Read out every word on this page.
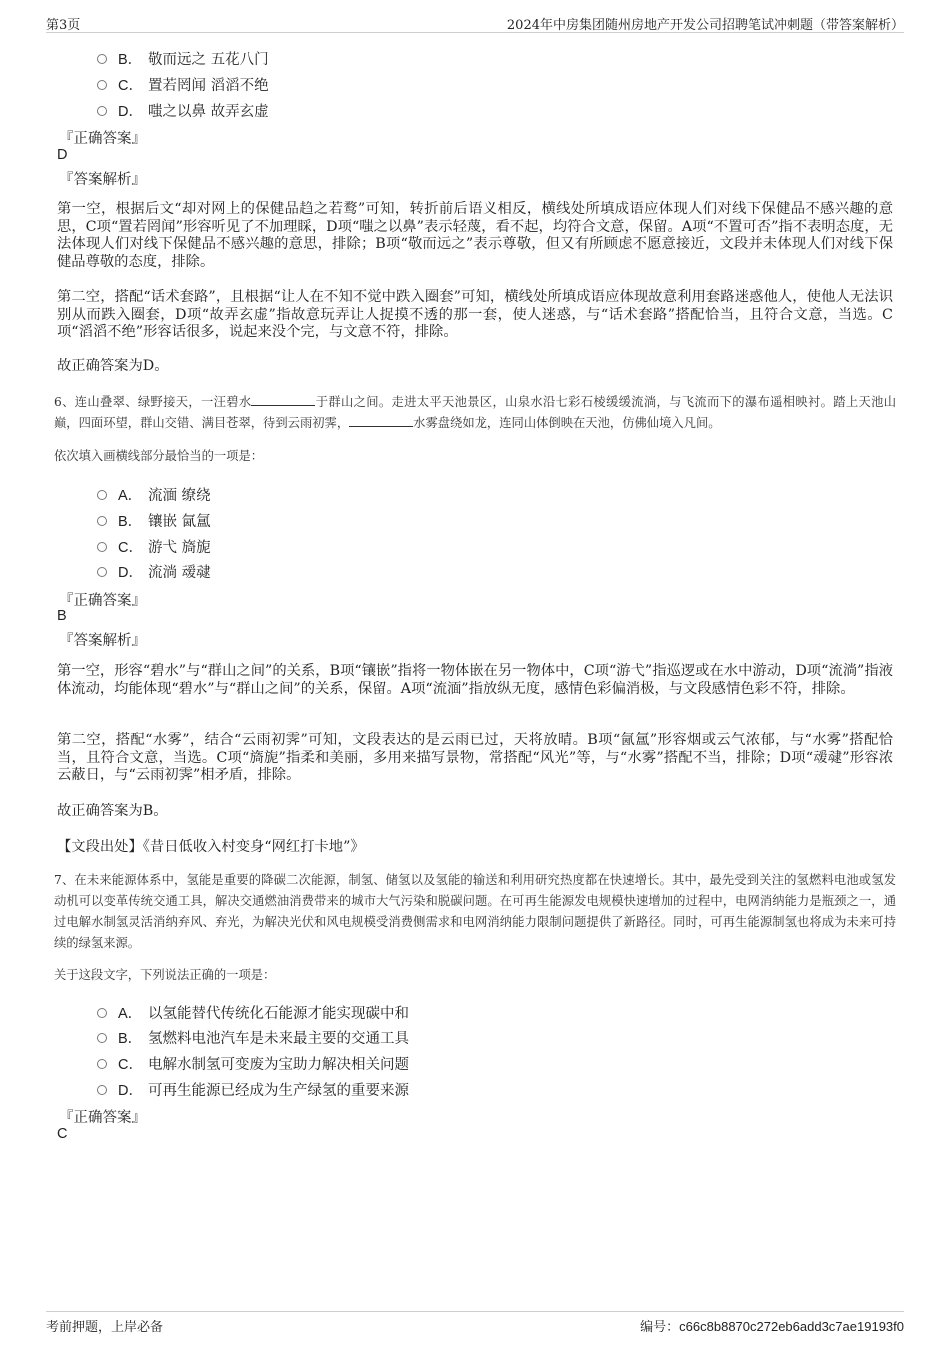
第3页	2024年中房集团随州房地产开发公司招聘笔试冲刺题（带答案解析）
B． 敬而远之 五花八门
C． 置若罔闻 滔滔不绝
D． 嗤之以鼻 故弄玄虚
『正确答案』
D
『答案解析』
第一空，根据后文“却对网上的保健品趋之若鹜”可知，转折前后语义相反，横线处所填成语应体现人们对线下保健品不感兴趣的意思，C项“置若罔闻”形容听见了不加理睬，D项“嗤之以鼻”表示轻蔑，看不起，均符合文意，保留。A项“不置可否”指不表明态度，无法体现人们对线下保健品不感兴趣的意思，排除；B项“敬而远之”表示尊敬，但又有所顾虑不愿意接近，文段并未体现人们对线下保健品尊敬的态度，排除。
第二空，搭配“话术套路”，且根据“让人在不知不觉中跌入圈套”可知，横线处所填成语应体现故意利用套路迷惑他人，使他人无法识别从而跌入圈套，D项“故弄玄虚”指故意玩弄让人捉摸不透的那一套，使人迷惑，与“话术套路”搭配恰当，且符合文意，当选。C项“滔滔不绝”形容话很多，说起来没个完，与文意不符，排除。
故正确答案为D。
6、连山叠翠、绿野接天，一汪碧水	于群山之间。走进太平天池景区，山泉水沿七彩石棱缓缓流淌，与飞流而下的瀑布遥相映衬。踏上天池山巅，四面环望，群山交错、满目苍翠，待到云雨初霁，	水雾盘绕如龙，连同山体倒映在天池，仿佛仙境入凡间。
依次填入画横线部分最恰当的一项是：
A． 流湎 缭绕
B． 镶嵌 氤氲
C． 游弋 旖旎
D． 流淌 叆叇
『正确答案』
B
『答案解析』
第一空，形容“碧水”与“群山之间”的关系，B项“镶嵌”指将一物体嵌在另一物体中，C项“游弋”指巡逻或在水中游动，D项“流淌”指液体流动，均能体现“碧水”与“群山之间”的关系，保留。A项“流湎”指放纵无度，感情色彩偏消极，与文段感情色彩不符，排除。
第二空，搭配“水雾”，结合“云雨初霁”可知，文段表达的是云雨已过，天将放晴。B项“氤氲”形容烟或云气浓郁，与“水雾”搭配恰当，且符合文意，当选。C项“旖旎”指柔和美丽，多用来描写景物，常搭配“风光”等，与“水雾”搭配不当，排除；D项“叆叇”形容浓云蔽日，与“云雨初霁”相矛盾，排除。
故正确答案为B。
【文段出处】《昔日低收入村变身“网红打卡地”》
7、在未来能源体系中，氢能是重要的降碳二次能源，制氢、储氢以及氢能的输送和利用研究热度都在快速增长。其中，最先受到关注的氢燃料电池或氢发动机可以变革传统交通工具，解决交通燃油消费带来的城市大气污染和脱碳问题。在可再生能源发电规模快速增加的过程中，电网消纳能力是瓶颈之一，通过电解水制氢灵活消纳弃风、弃光，为解决光伏和风电规模受消费侧需求和电网消纳能力限制问题提供了新路径。同时，可再生能源制氢也将成为未来可持续的绿氢来源。
关于这段文字，下列说法正确的一项是：
A． 以氢能替代传统化石能源才能实现碳中和
B． 氢燃料电池汽车是未来最主要的交通工具
C． 电解水制氢可变废为宝助力解决相关问题
D． 可再生能源已经成为生产绿氢的重要来源
『正确答案』
C
考前押题，上岸必备	编号：c66c8b8870c272eb6add3c7ae19193f0
